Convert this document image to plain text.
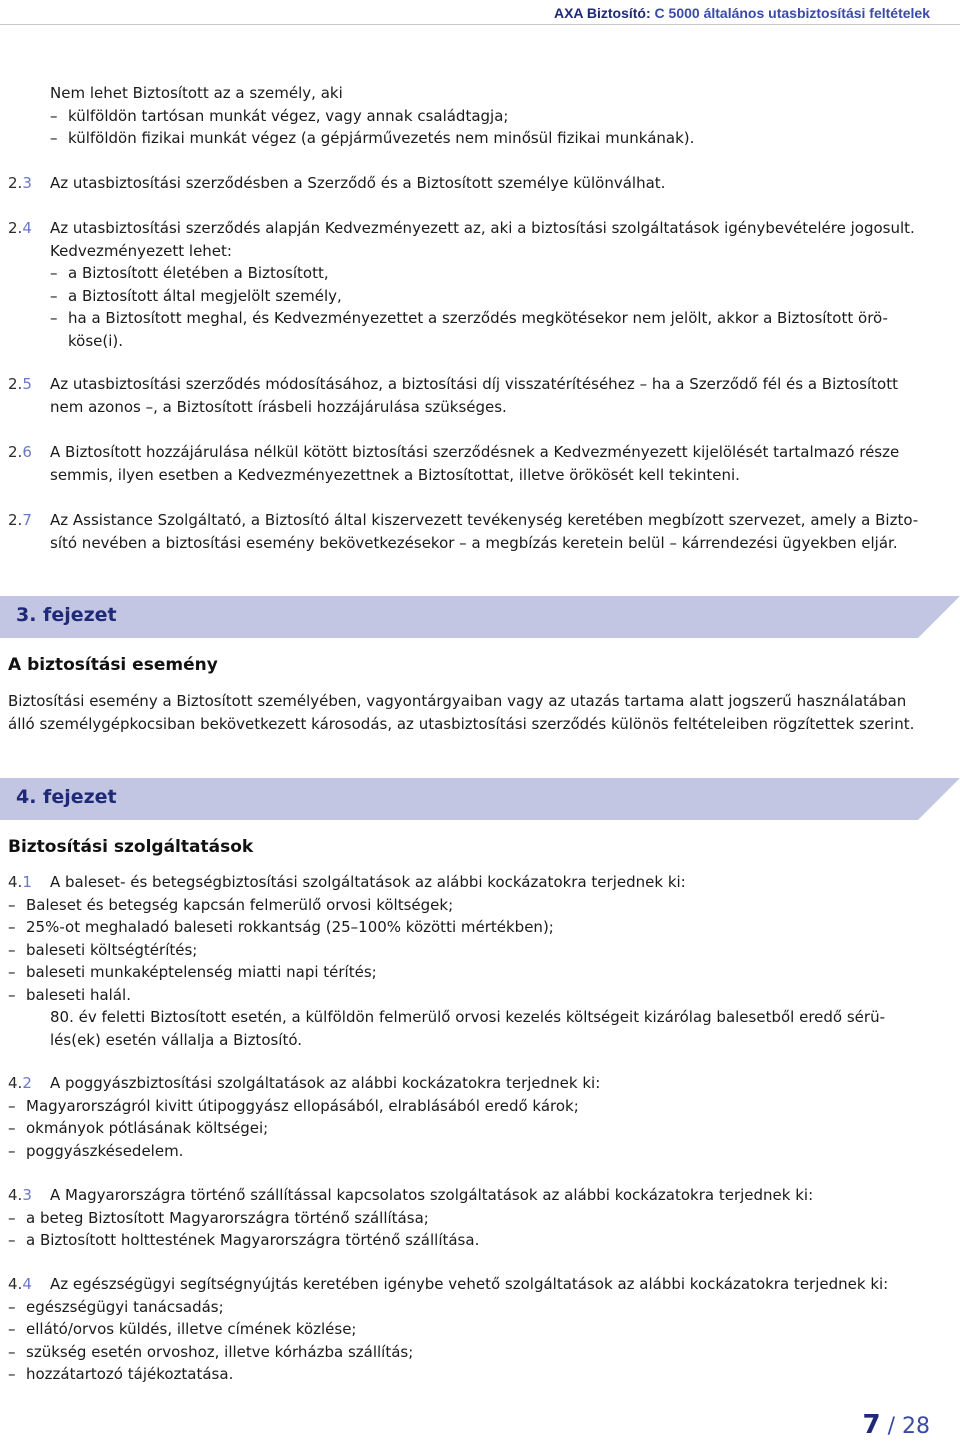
AXA Biztosító: C 5000 általános utasbiztosítási feltételek
Nem lehet Biztosított az a személy, aki
– külföldön tartósan munkát végez, vagy annak családtagja;
– külföldön fizikai munkát végez (a gépjárművezetés nem minősül fizikai munkának).
2.3	Az utasbiztosítási szerződésben a Szerződő és a Biztosított személye különválhat.
2.4	Az utasbiztosítási szerződés alapján Kedvezményezett az, aki a biztosítási szolgáltatások igénybevételére jogosult.
Kedvezményezett lehet:
– a Biztosított életében a Biztosított,
– a Biztosított által megjelölt személy,
– ha a Biztosított meghal, és Kedvezményezettet a szerződés megkötésekor nem jelölt, akkor a Biztosított örö-
köse(i).
2.5	Az utasbiztosítási szerződés módosításához, a biztosítási díj visszatérítéséhez – ha a Szerződő fél és a Biztosított
nem azonos –, a Biztosított írásbeli hozzájárulása szükséges.
2.6	A Biztosított hozzájárulása nélkül kötött biztosítási szerződésnek a Kedvezményezett kijelölését tartalmazó része
semmis, ilyen esetben a Kedvezményezettnek a Biztosítottat, illetve örökösét kell tekinteni.
2.7	Az Assistance Szolgáltató, a Biztosító által kiszervezett tevékenység keretében megbízott szervezet, amely a Bizto-
sító nevében a biztosítási esemény bekövetkezésekor – a megbízás keretein belül – kárrendezési ügyekben eljár.
3. fejezet
A biztosítási esemény
Biztosítási esemény a Biztosított személyében, vagyontárgyaiban vagy az utazás tartama alatt jogszerű használatában
álló személygépkocsiban bekövetkezett károsodás, az utasbiztosítási szerződés különös feltételeiben rögzítettek szerint.
4. fejezet
Biztosítási szolgáltatások
4.1	A baleset- és betegségbiztosítási szolgáltatások az alábbi kockázatokra terjednek ki:
– Baleset és betegség kapcsán felmerülő orvosi költségek;
– 25%-ot meghaladó baleseti rokkantság (25–100% közötti mértékben);
– baleseti költségtérítés;
– baleseti munkaképtelenség miatti napi térítés;
– baleseti halál.
80. év feletti Biztosított esetén, a külföldön felmerülő orvosi kezelés költségeit kizárólag balesetből eredő sérü-
lés(ek) esetén vállalja a Biztosító.
4.2	A poggyászbiztosítási szolgáltatások az alábbi kockázatokra terjednek ki:
– Magyarországról kivitt útipoggyász ellopásából, elrablásából eredő károk;
– okmányok pótlásának költségei;
– poggyászkésedelem.
4.3	A Magyarországra történő szállítással kapcsolatos szolgáltatások az alábbi kockázatokra terjednek ki:
– a beteg Biztosított Magyarországra történő szállítása;
– a Biztosított holttestének Magyarországra történő szállítása.
4.4	Az egészségügyi segítségnyújtás keretében igénybe vehető szolgáltatások az alábbi kockázatokra terjednek ki:
– egészségügyi tanácsadás;
– ellátó/orvos küldés, illetve címének közlése;
– szükség esetén orvoshoz, illetve kórházba szállítás;
– hozzátartozó tájékoztatása.
7 / 28
